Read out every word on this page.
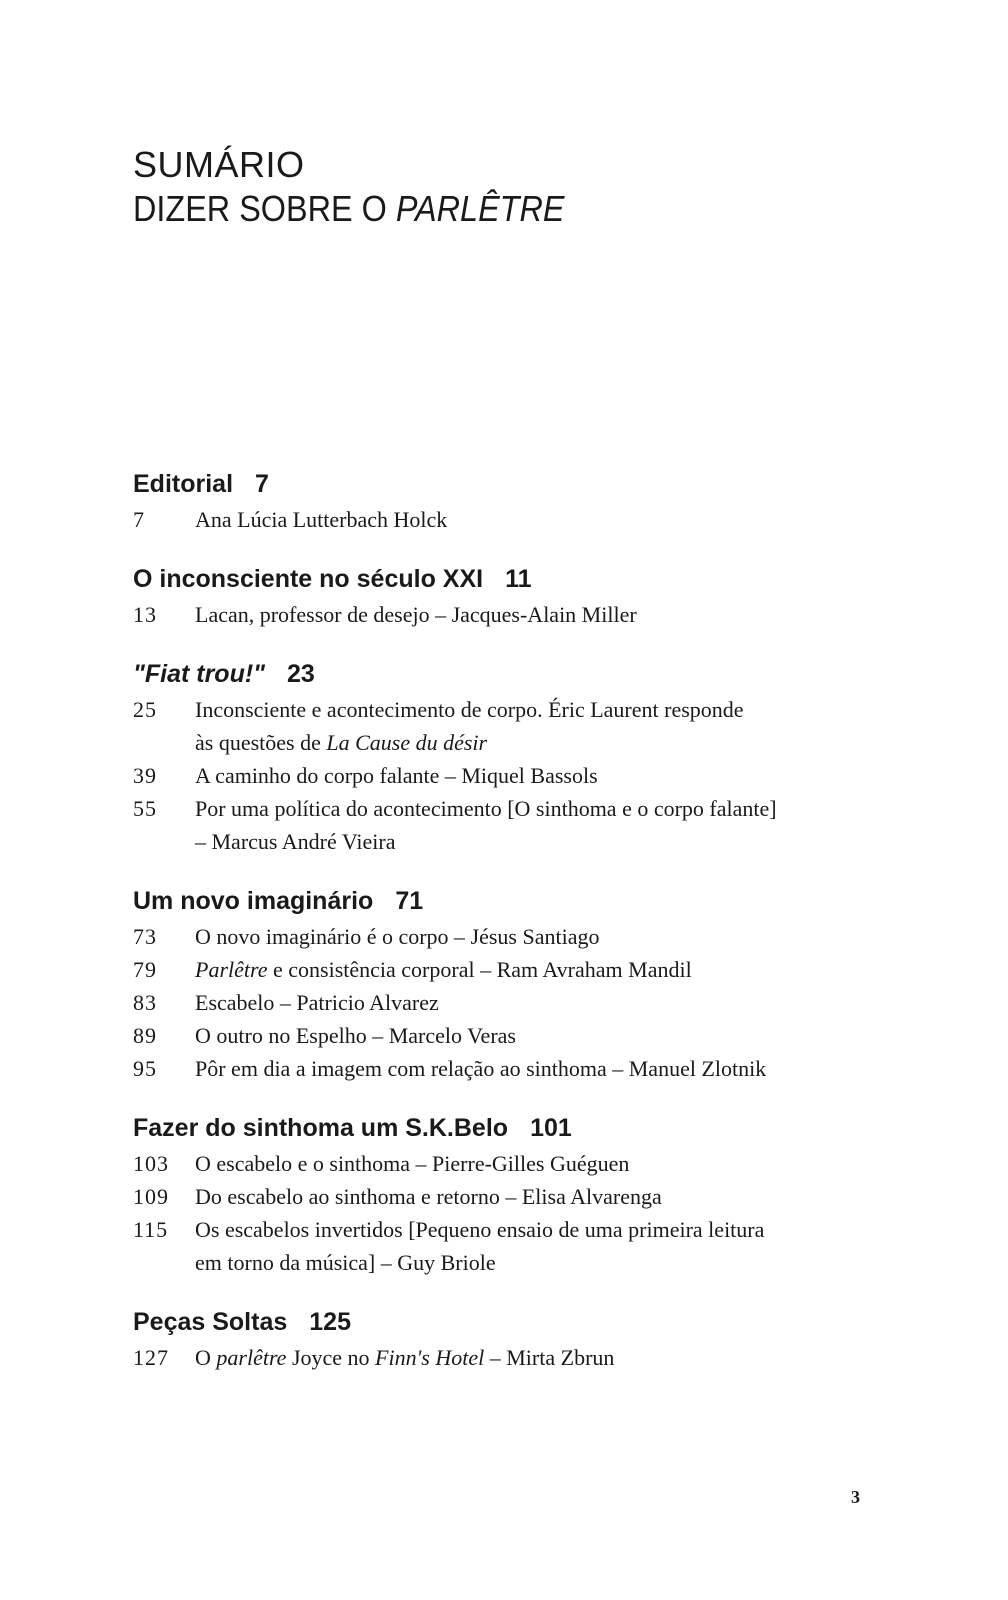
SUMÁRIO
DIZER SOBRE O PARLÊTRE
Editorial 7
7	Ana Lúcia Lutterbach Holck
O inconsciente no século XXI 11
13	Lacan, professor de desejo – Jacques-Alain Miller
"Fiat trou!" 23
25	Inconsciente e acontecimento de corpo. Éric Laurent responde
às questões de La Cause du désir
39	A caminho do corpo falante – Miquel Bassols
55	Por uma política do acontecimento [O sinthoma e o corpo falante]
– Marcus André Vieira
Um novo imaginário 71
73	O novo imaginário é o corpo – Jésus Santiago
79	Parlêtre e consistência corporal – Ram Avraham Mandil
83	Escabelo – Patricio Alvarez
89	O outro no Espelho – Marcelo Veras
95	Pôr em dia a imagem com relação ao sinthoma – Manuel Zlotnik
Fazer do sinthoma um S.K.Belo 101
103	O escabelo e o sinthoma – Pierre-Gilles Guéguen
109	Do escabelo ao sinthoma e retorno – Elisa Alvarenga
115	Os escabelos invertidos [Pequeno ensaio de uma primeira leitura
em torno da música] – Guy Briole
Peças Soltas 125
127	O parlêtre Joyce no Finn's Hotel – Mirta Zbrun
3
